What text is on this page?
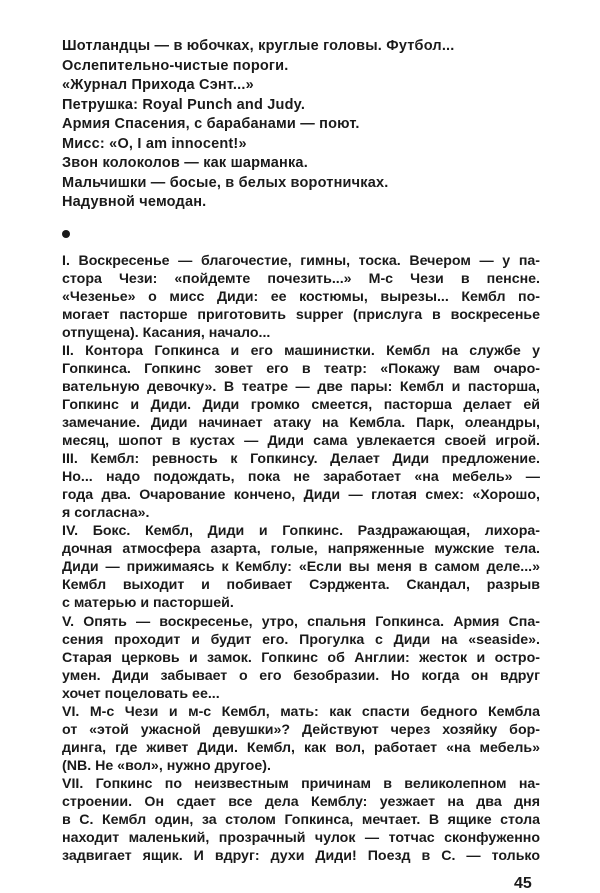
Шотландцы — в юбочках, круглые головы. Футбол...
Ослепительно-чистые пороги.
«Журнал Прихода Сэнт...»
Петрушка: Royal Punch and Judy.
Армия Спасения, с барабанами — поют.
Мисс: «O, I am innocent!»
Звон колоколов — как шарманка.
Мальчишки — босые, в белых воротничках.
Надувной чемодан.
I. Воскресенье — благочестие, гимны, тоска. Вечером — у па-
стора Чези: «пойдемте почезить...» М-с Чези в пенсне.
«Чезенье» о мисс Диди: ее костюмы, вырезы... Кембл по-
могает пасторше приготовить supper (прислуга в воскресенье
отпущена). Касания, начало...
II. Контора Гопкинса и его машинистки. Кембл на службе у
Гопкинса. Гопкинс зовет его в театр: «Покажу вам очаро-
вательную девочку». В театре — две пары: Кембл и пасторша,
Гопкинс и Диди. Диди громко смеется, пасторша делает ей
замечание. Диди начинает атаку на Кембла. Парк, олеандры,
месяц, шопот в кустах — Диди сама увлекается своей игрой.
III. Кембл: ревность к Гопкинсу. Делает Диди предложение.
Но... надо подождать, пока не заработает «на мебель» —
года два. Очарование кончено, Диди — глотая смех: «Хорошо,
я согласна».
IV. Бокс. Кембл, Диди и Гопкинс. Раздражающая, лихора-
дочная атмосфера азарта, голые, напряженные мужские тела.
Диди — прижимаясь к Кемблу: «Если вы меня в самом деле...»
Кембл выходит и побивает Сэрджента. Скандал, разрыв
с матерью и пасторшей.
V. Опять — воскресенье, утро, спальня Гопкинса. Армия Спа-
сения проходит и будит его. Прогулка с Диди на «seaside».
Старая церковь и замок. Гопкинс об Англии: жесток и остро-
умен. Диди забывает о его безобразии. Но когда он вдруг
хочет поцеловать ее...
VI. М-с Чези и м-с Кембл, мать: как спасти бедного Кембла
от «этой ужасной девушки»? Действуют через хозяйку бор-
динга, где живет Диди. Кембл, как вол, работает «на мебель»
(NB. Не «вол», нужно другое).
VII. Гопкинс по неизвестным причинам в великолепном на-
строении. Он сдает все дела Кемблу: уезжает на два дня
в С. Кембл один, за столом Гопкинса, мечтает. В ящике стола
находит маленький, прозрачный чулок — тотчас сконфуженно
задвигает ящик. И вдруг: духи Диди! Поезд в С. — только
45
